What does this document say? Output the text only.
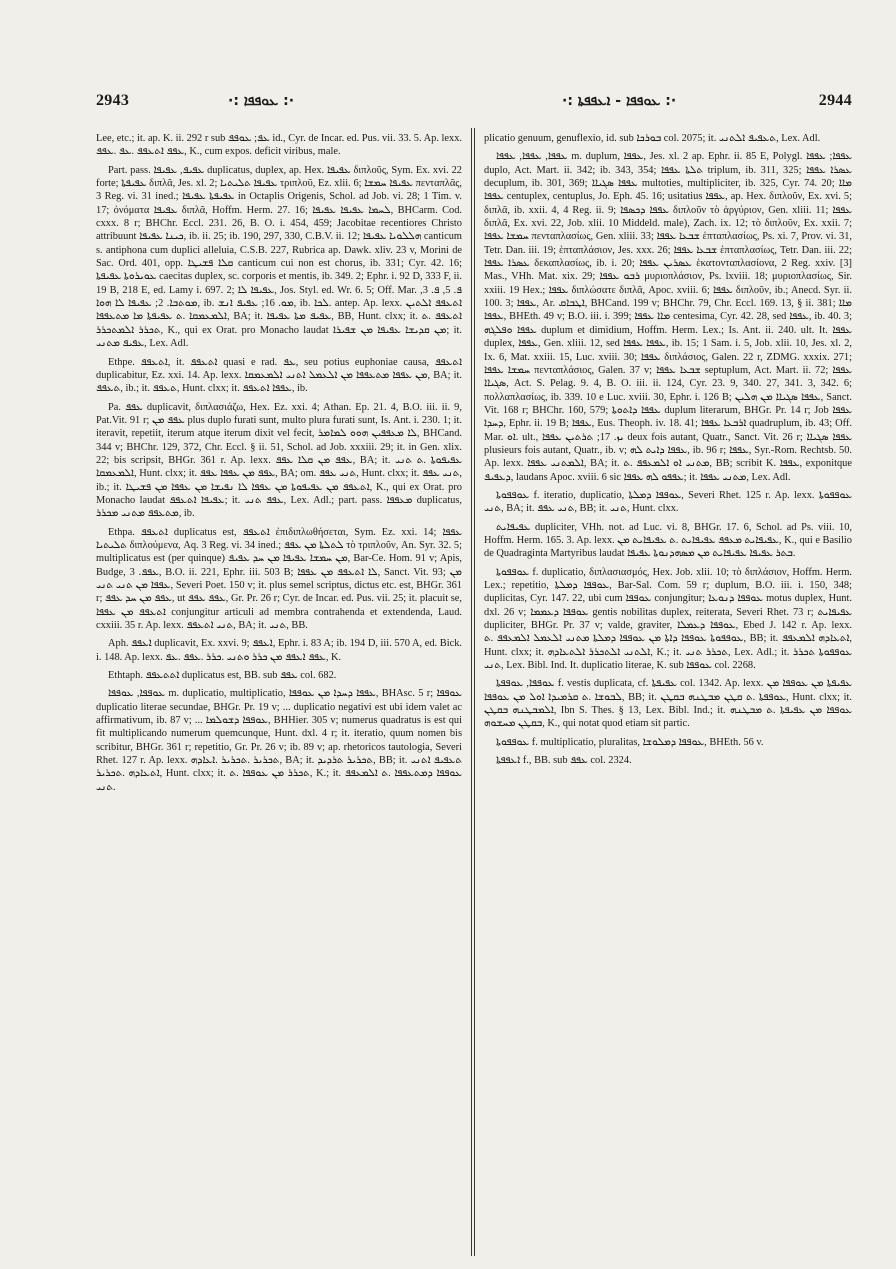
2943	·: ܥܘܦܦܐ :·	·: ܥܘܦܦܐ - ܐܥܦܦܬܐ :·	2944

Lee, etc.; it. ap. K. ii. 292 r sub ܥܦ; ܥܘܦܦ id., Cyr. de Incar. ed. Pus. vii. 33. 5. Ap. lexx. ܥܦܦ ܐܬܥܦܦ .ܥܦ .ܥܦܦ, K., cum expos. deficit viribus, male.

Part. pass. ܥܦܝܦ, ܥܦܝܦܐ duplicatus, duplex, ap. Hex. ܥܦܝܦܐ διπλοῦς, Sym. Ex. xvi. 22 forte; ܥܦܝܦܬܐ διπλᾶ, Jes. xl. 2; ܥܦܝܦܐ ܬܠܝܬܝܐ τριπλοῦ, Ez. xlii. 6; ܥܦܝܦܐ ܚܡܫܐ πενταπλᾶς, 3 Reg. vi. 31 ined.; ܥܦܝܦܬܐ ܥܦܝܦܐ in Octaplis Origenis, Schol. ad Job. vi. 28; 1 Tim. v. 17; ὀνόματα ܥܦܝܦܐ διπλᾶ, Hoffm. Herm. 27. 16; ܠܚܡܐ ܥܦܝܦܐ ܥܦܝܦܐ, BHCarm. Cod. cxxx. 8 r; BHChr. Eccl. 231. 26, B. O. i. 454, 459; Jacobitae recentiores Christo attribuunt ܟܝܢܐ ܥܦܝܦܐ, ib. ii. 25; ib. 190, 297, 330, C.B.V. ii. 12; ܗܠܠܘܝܐ ܥܦܝܦܐ canticum s. antiphona cum duplici alleluia, C.S.B. 227, Rubrica ap. Dawk. xliv. 23 v, Morini de Sac. Ord. 401, opp. ܩܠܐ ܦܫܝܛܐ canticum cui non est chorus, ib. 331; Cyr. 42. 16; ܥܘܝܪܘܬܐ ܥܦܝܦܬܐ caecitas duplex, sc. corporis et mentis, ib. 349. 2; Ephr. i. 92 D, 333 F, ii. 19 B, 218 E, ed. Lamy i. 697. 2; ܥܦܝܦܐ ܠܐ, Jos. Styl. ed. Wr. 6. 5; Off. Mar. ܦ. 5, ܦ. 3, ܡܘܬܒܐ. 2; ܥܦܝܦܐ ܠܐ ܗܘܐ, ib. ܡܘ. 16; ܥܦܝܦ ܐܢܫ, ib. ܠܟܐ. antep. Ap. lexx. ܐܬܥܦܦ ܐܠܬܝܢ ܐܠܡܥܡܩܐ .ܬ ܥܦܝܦܬܐ ܡܐ ܡܬܥܦܦܐ, BA; it. ܥܦܝܦ ܡܬܐ ܥܦܝܦܐ, BB, Hunt. clxx; it. ܐܬܥܦܦ .ܬ ܬܟܪܪ ܐܠܡܬܟܪܪ, K., qui ex Orat. pro Monacho laudat ܡܢ ܩܕܝܫܐ ܥܦܝܦܐ ܡܢ ܫܦܝܪܐ; it. ܥܦܝܦ ܡܬܢܝ, Lex. Adl.

Ethpe. ܐܬܥܦܦ, it. ܐܬܥܦܦ quasi e rad. ܥܦ, seu potius euphoniae causa, ܐܬܥܦܦ duplicabitur, Ez. xxi. 14. Ap. lexx. ܡܢ ܥܦܦܐ ܡܬܥܦܦܐ ܡܢ ܐܠܥܡܠ ܐܬܢܝ ܐܠܡܥܡܩܐ, BA; it. ܬܥܦܦ, ib.; it. ܬܥܦܦ, Hunt. clxx; it. ܥܦܦܐ ܐܬܥܦܦ, ib.

Pa. ܥܦܦ duplicavit, διπλασιάζω, Hex. Ez. xxi. 4; Athan. Ep. 21. 4, B.O. iii. ii. 9, Pat.Vit. 91 r; ܥܦܦ ܡܢ plus duplo furati sunt, multo plura furati sunt, Is. Ant. i. 230. 1; it. iteravit, repetiit, iterum atque iterum dixit vel fecit, ܠܐ ܡܥܦܦܝܢ ܗܘܘ ܠܡܐܡܪ, BHCand. 344 v; BHChr. 129, 372, Chr. Eccl. § ii. 51, Schol. ad Job. xxxiii. 29; it. in Gen. xlix. 22; bis scripsit, BHGr. 361 r. Ap. lexx. ܥܦܦ ܡܢ ܩܠܐ ܥܦܦ, BA; it. ܥܦܝܦܘܬܐ .ܬ ܬܢܝ ܐܠܡܥܡܩܐ, Hunt. clxx; it. ܥܦܦ ܡܢ ܥܦܦܐ ܥܦܦ, BA; om. ܬܢܝ ܥܦܦ, Hunt. clxx; it. ܬܢܝ ܥܦܦ, ib.; it. ܐܬܥܦܦ ܡܢ ܥܦܝܦܘܬܐ ܡܢ ܥܦܦܐ ܠܐ ܢܦܝܫܐ ܡܢ ܥܦܦܐ ܡܢ ܦܫܝܛܐ, K., qui ex Orat. pro Monacho laudat ܥܦܝܦܐ ܐܬܥܦܦ; it. ܥܦܦ ܬܢܝ, Lex. Adl.; part. pass. ܡܥܦܦܐ duplicatus, ܡܬܥܦܦ ܡܬܢܝ ܡܟܪܪ, ib.

Ethpa. ܐܬܥܦܦ duplicatus est, ܐܬܥܦܦ ἐπιδιπλωθήσεται, Sym. Ez. xxi. 14; ܥܦܦܐ ܬܠܝܬܝܐ διπλούμενα, Aq. 3 Reg. vi. 34 ined.; ܠܬܠܬܐ ܡܢ ܥܦܦ τὸ τριπλοῦν, An. Syr. 32. 5; multiplicatus est (per quinque) ܡܢ ܚܡܫܐ ܥܦܝܦܐ ܡܢ ܚܕ ܥܦܝܦ, Bar-Ce. Hom. 91 v; Apis, Budge, ܥܦܦ. 3, B.O. ii. 221, Ephr. iii. 503 B; ܠܐ ܐܬܥܦܦ ܡܢ ܥܦܦܐ, Sanct. Vit. 93; ܡܢ ܥܦܦܐ ܡܢ ܬܢܝ ܬܢܝ, Severi Poet. 150 v; it. plus semel scriptus, dictus etc. est, BHGr. 361 r; ܥܦܦ ܡܢ ܚܕ ܥܦܦ, ut ܥܦܦ ܥܦܦ, Gr. Pr. 26 r; Cyr. de Incar. ed. Pus. vii. 25; it. placuit se, ܐܬܥܦܦ ܡܢ ܥܦܦܐ conjungitur articuli ad membra contrahenda et extendenda, Laud. cxxiii. 35 r. Ap. lexx. ܬܢܝ ܐܬܥܦܦ, BA; it. ܬܢܝ, BB.

Aph. ܐܥܦܦ duplicavit, Ex. xxvi. 9; ܐܥܦܦ, Ephr. i. 83 A; ib. 194 D, iii. 570 A, ed. Bick. i. 148. Ap. lexx. ܥܦܦ ܐܥܦܦ ܡܢ ܟܪܪ ܘܬܢܝ .ܟܪܪ .ܥܦܦ .ܥܦ, K.

Ethtaph. ܐܬܬܥܦܦ duplicatus est, BB. sub ܥܦܦ col. 682.

ܥܘܦܦܐ, ܥܘܦܦܐ m. duplicatio, multiplicatio, ܥܦܦܐ ܕܚܕܐ ܡܢ ܥܘܦܦܐ, BHAsc. 5 r; ܥܘܦܦܐ duplicatio literae secundae, BHGr. Pr. 19 v; ... duplicatio negativi est ubi idem valet ac affirmativum, ib. 87 v; ... ܥܘܦܦܐ ܕܫܘܠܡܐ, BHHier. 305 v; numerus quadratus is est qui fit multiplicando numerum quemcunque, Hunt. dxl. 4 r; it. iteratio, quum nomen bis scribitur, BHGr. 361 r; repetitio, Gr. Pr. 26 v; ib. 89 v; ap. rhetoricos tautologia, Severi Rhet. 127 r. Ap. lexx. ܬܟܪܝܪ .ܬܟܪܝܪ .ܐܥܐܕܗ, BA; it. ܬܟܪܝܪ ܬܪܕܝܕ, BB; it. ܬܥܦܝܦ ܐܬܢܝ ܐܬܥܐܕܗ .ܬܟܪܝܪ, Hunt. clxx; it. ܬܟܪܪ ܡܢ ܥܘܦܦܐ .ܬ, K.; it. ܥܘܦܦܐ ܕܡܬܥܦܦܐ .ܬ ܐܠܡܥܦܦ ܬܢܝ.

plicatio genuum, genuflexio, id. sub ܒܘܪܟܐ col. 2075; it. ܬܥܦܝܦ ܐܠܬܢܝ, Lex. Adl.

ܥܦܦܐ, ܥܦܦܐ, ܥܦܦܐ m. duplum, ܥܦܦܐ, Jes. xl. 2 ap. Ephr. ii. 85 E, Polygl. ܥܦܦܐ; ܥܦܦܐ duplo, Act. Mart. ii. 342; ib. 343, 354; ܬܠܬܐ ܥܦܦܐ triplum, ib. 311, 325; ܥܣܪܐ ܥܦܦܐ decuplum, ib. 301, 369; ܥܦܦܐ ܣܓܝܐܐ multoties, multipliciter, ib. 325, Cyr. 74. 20; ܡܐܐ ܥܦܦܐ centuplex, centuplus, Jo. Eph. 45. 16; usitatius ܥܦܦܐ, ap. Hex. διπλοῦν, Ex. xvi. 5; διπλᾶ, ib. xxii. 4, 4 Reg. ii. 9; ܥܦܦܐ ܕܟܣܦܐ διπλοῦν τὸ ἀργύριον, Gen. xliii. 11; ܥܦܦܐ διπλᾶ, Ex. xvi. 22, Job. xlii. 10 Middeld. male), Zach. ix. 12; τὸ διπλοῦν, Ex. xxii. 7; ܚܡܫܐ ܥܦܦܐ πενταπλασίως, Gen. xliii. 33; ܫܒܥܐ ܥܦܦܐ ἑπταπλασίως, Ps. xi. 7, Prov. vi. 31, Tetr. Dan. iii. 19; ἑπταπλάσιον, Jes. xxx. 26; ܫܒܥܐ ܥܦܦܐ ἑπταπλασίως, Tetr. Dan. iii. 22; ܥܣܪܐ ܥܦܦܐ δεκαπλασίως, ib. i. 20; ܥܣܪܝܢ ܥܦܦܐ ἑκατονταπλασίονα, 2 Reg. xxiv. [3] Mas., VHh. Mat. xix. 29; ܪܒܘ ܥܦܦܐ μυριοπλάσιον, Ps. lxviii. 18; μυριοπλασίως, Sir. xxiii. 19 Hex.; ܥܦܦܐ διπλώσατε διπλᾶ, Apoc. xviii. 6; ܥܦܦܐ διπλοῦν, ib.; Anecd. Syr. ii. 100. 3; ܥܦܦܐ, Ar. ܐܛܒܐܩ, BHCand. 199 v; BHChr. 79, Chr. Eccl. 169. 13, § ii. 381; ܡܐܐ ܥܦܦܐ, BHEth. 49 v; B.O. iii. i. 399; ܡܐܐ ܥܦܦܐ centesima, Cyr. 42. 28, sed ܥܦܦܐ, ib. 40. 3; ܥܦܦܐ ܘܦܠܓܗ duplum et dimidium, Hoffm. Herm. Lex.; Is. Ant. ii. 240. ult. It. ܥܦܦܐ duplex, ܥܦܦܐ, Gen. xliii. 12, sed ܥܦܦܐ ܥܦܦܐ, ib. 15; 1 Sam. i. 5, Job. xlii. 10, Jes. xl. 2, Ix. 6, Mat. xxiii. 15, Luc. xviii. 30; ܥܦܦܐ διπλάσιος, Galen. 22 r, ZDMG. xxxix. 271; ܚܡܫܐ ܥܦܦܐ πενταπλάσιος, Galen. 37 v; ܫܒܥܐ ܥܦܦܐ septuplum, Act. Mart. ii. 72; ܥܦܦܐ ܣܓܝܐܐ, Act. S. Pelag. 9. 4, B. O. iii. ii. 124, Cyr. 23. 9, 340. 27, 341. 3, 342. 6; πολλαπλασίως, ib. 339. 10 e Luc. xviii. 30, Ephr. i. 126 B; ܥܦܦܐ ܣܓܝܐܐ ܡܢ ܗܠܝܢ, Sanct. Vit. 168 r; BHChr. 160, 579; ܥܦܦܐ ܕܐܬܘܬܐ duplum literarum, BHGr. Pr. 14 r; Job ܥܦܦܐ ܕܚܕܐ, Ephr. ii. 19 B; ܥܦܦܐ, Eus. Theoph. iv. 18. 41; ܐܪܒܥܐ ܥܦܦܐ quadruplum, ib. 43; Off. Mar. ܐܘ. ult., ܝܙ. 17; ܬܪܬܝܢ ܥܦܦܐ deux fois autant, Quatr., Sanct. Vit. 26 r; ܥܦܦܐ ܣܓܝܐܐ plusieurs fois autant, Quatr., ib. v; ܥܦܦܐ ܕܐܝܬ ܠܗ, ib. 96 r; ܥܦܦܐ, Syr.-Rom. Rechtsb. 50. Ap. lexx. ܐܠܡܬܢܝ ܥܦܦܐ, BA; it. ܡܬܢܝ ܐܘ ܐܠܡܥܦܦ .ܬ, BB; scribit K. ܥܦܦܐ, exponitque ܕܥܦܝܦ, laudans Apoc. xviii. 6 sic ܥܦܦܘ ܠܗ ܥܦܦܐ; it. ܡܬܢܝ ܥܦܦܐ, Lex. Adl.

ܥܘܦܦܘܬܐ f. iteratio, duplicatio, ܥܘܦܦܐ ܕܡܠܬܐ, Severi Rhet. 125 r. Ap. lexx. ܥܘܦܦܘܬܐ ܬܢܝ, BA; it. ܬܢܝ ܥܦܦ, BB; it. ܬܢܝ, Hunt. clxx.

ܥܦܝܦܐܝܬ dupliciter, VHh. not. ad Luc. vi. 8, BHGr. 17. 6, Schol. ad Ps. viii. 10, Hoffm. Herm. 165. 3. Ap. lexx. ܥܦܝܦܐܝܬ ܡܥܦܦ ܥܦܝܦܐܝܬ .ܬ ܥܦܝܦܐܝܬ ܡܢ, K., qui e Basilio de Quadraginta Martyribus laudat ܒܬܪ ܥܦܝܦܐ ܥܦܝܦܐܝܬ ܡܢ ܡܣܗܕܢܘܬܐ ܥܦܝܦܐ.

ܥܘܦܦܘܬܐ f. duplicatio, διπλασιασμός, Hex. Job. xlii. 10; τὸ διπλάσιον, Hoffm. Herm. Lex.; repetitio, ܥܘܦܦܐ ܕܡܠܬܐ, Bar-Sal. Com. 59 r; duplum, B.O. iii. i. 150, 348; duplicitas, Cyr. 147. 22, ubi cum ܥܘܦܦܐ conjungitur; ܥܘܦܦܐ ܕܢܘܥܐ motus duplex, Hunt. dxl. 26 v; ܥܘܦܦܐ ܕܥܡܡܐ gentis nobilitas duplex, reiterata, Severi Rhet. 73 r; ܥܦܝܦܐܝܬ dupliciter, BHGr. Pr. 37 v; valde, graviter, ܥܘܦܦܐ ܕܥܡܠܐ, Ebed J. 142 r. Ap. lexx. ܥܘܦܦܘܬܐ ܥܘܦܦܐ ܕܐܬܐ ܡܢ ܥܘܦܦܐ ܕܡܠܬܐ ܡܬܢܝ ܐܠܥܡܠ ܐܠܡܥܦܦ .ܬ, BB; it. ܐܬܥܐܕܗ ܐܠܡܥܦܦ, Hunt. clxx; it. ܐܠܬܢܝ ܐܠܬܟܪܪ ܐܠܬܥܐܕܗ, K.; it. ܬܟܪܪ ܬܢܝ, Lex. Adl.; it. ܥܘܦܦܘܬܐ ܬܟܪܪ ܬܢܝ, Lex. Bibl. Ind. It. duplicatio literae, K. sub ܥܘܦܦܐ col. 2268.

ܥܘܦܦܐ, ܥܘܦܦܬܐ f. vestis duplicata, cf. ܥܦܝܦܬܐ col. 1342. Ap. lexx. ܥܦܝܦܬܐ ܡܢ ܥܘܦܦܐ ܡܢ ܠܒܘܫܐ .ܬ ܩܪܡܝܕܐ ܐܘܠ ܡܢ ܥܘܦܦܐ, BB; it. ܥܘܦܦܬܐ .ܬ ܩܛܢ ܡܒܛܢܗ ܒܩܛܢ, Hunt. clxx; it. ܐܠܡܒܛܢܗ ܒܩܛܢ, Ibn S. Thes. § 13, Lex. Bibl. Ind.; it. ܥܘܦܦܐ ܡܢ ܥܦܝܦܬܐ .ܬ ܡܒܛܢܗ ܒܩܛܢ ܡܚܫܘܗ, K., qui notat quod etiam sit partic.

ܥܘܦܦܘܬܐ f. multiplicatio, pluralitas, ܥܘܦܦܐ ܕܡܠܘܫܐ, BHEth. 56 v.

ܐܥܦܦܬܐ f., BB. sub ܥܦܦ col. 2324.
